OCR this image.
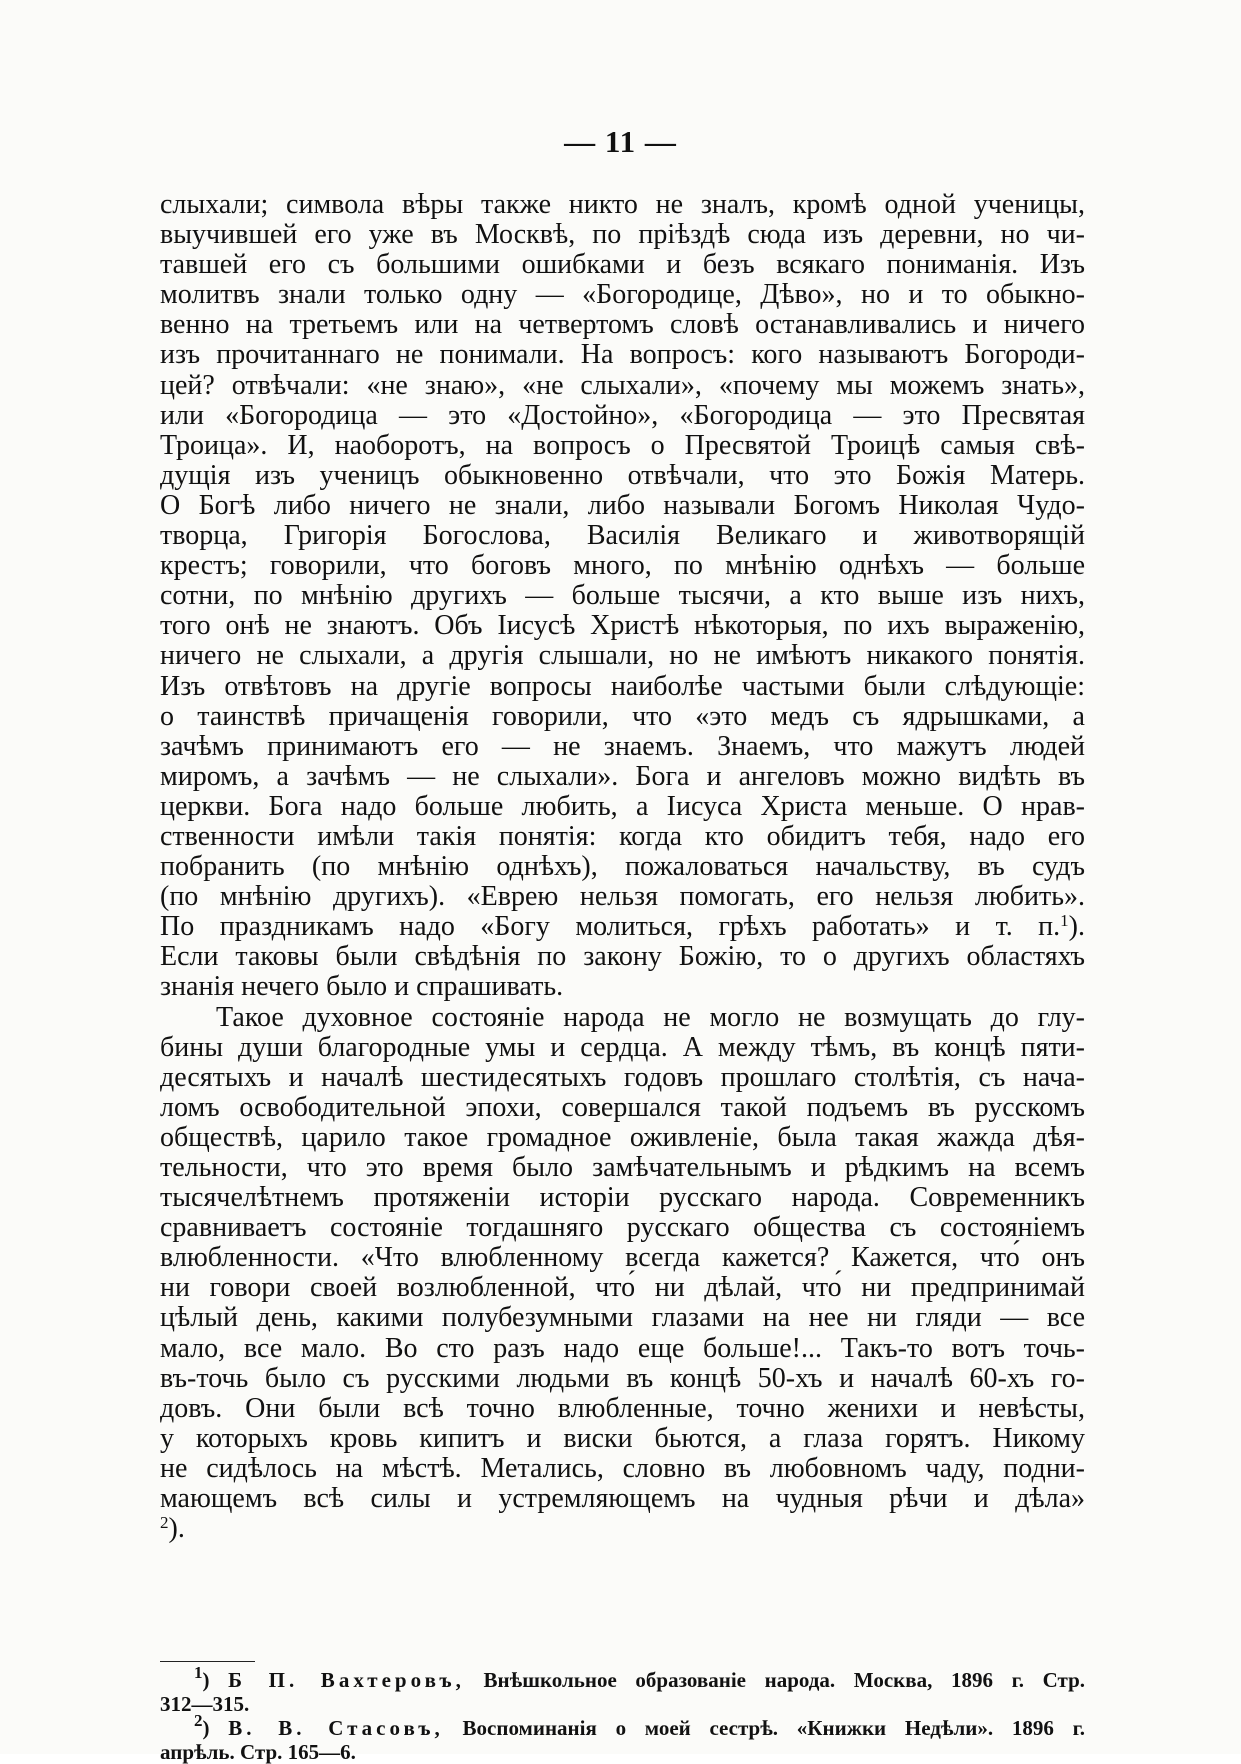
— 11 —
слыхали; символа вѣры также никто не зналъ, кромѣ одной ученицы,
выучившей его уже въ Москвѣ, по пріѣздѣ сюда изъ деревни, но чи-
тавшей его съ большими ошибками и безъ всякаго пониманія. Изъ
молитвъ знали только одну — «Богородице, Дѣво», но и то обыкно-
венно на третьемъ или на четвертомъ словѣ останавливались и ничего
изъ прочитаннаго не понимали. На вопросъ: кого называютъ Богороди-
цей? отвѣчали: «не знаю», «не слыхали», «почему мы можемъ знать»,
или «Богородица — это «Достойно», «Богородица — это Пресвятая
Троица». И, наоборотъ, на вопросъ о Пресвятой Троицѣ самыя свѣ-
дущія изъ ученицъ обыкновенно отвѣчали, что это Божія Матерь.
О Богѣ либо ничего не знали, либо называли Богомъ Николая Чудо-
творца, Григорія Богослова, Василія Великаго и животворящій
крестъ; говорили, что боговъ много, по мнѣнію однѣхъ — больше
сотни, по мнѣнію другихъ — больше тысячи, а кто выше изъ нихъ,
того онѣ не знаютъ. Объ Іисусѣ Христѣ нѣкоторыя, по ихъ выраженію,
ничего не слыхали, а другія слышали, но не имѣютъ никакого понятія.
Изъ отвѣтовъ на другіе вопросы наиболѣе частыми были слѣдующіе:
о таинствѣ причащенія говорили, что «это медъ съ ядрышками, а
зачѣмъ принимаютъ его — не знаемъ. Знаемъ, что мажутъ людей
миромъ, а зачѣмъ — не слыхали». Бога и ангеловъ можно видѣть въ
церкви. Бога надо больше любить, а Іисуса Христа меньше. О нрав-
ственности имѣли такія понятія: когда кто обидитъ тебя, надо его
побранить (по мнѣнію однѣхъ), пожаловаться начальству, въ судъ
(по мнѣнію другихъ). «Еврею нельзя помогать, его нельзя любить».
По праздникамъ надо «Богу молиться, грѣхъ работать» и т. п.$^1$).
Если таковы были свѣдѣнія по закону Божію, то о другихъ областяхъ
знанія нечего было и спрашивать.
Такое духовное состояніе народа не могло не возмущать до глу-
бины души благородные умы и сердца. А между тѣмъ, въ концѣ пяти-
десятыхъ и началѣ шестидесятыхъ годовъ прошлаго столѣтія, съ нача-
ломъ освободительной эпохи, совершался такой подъемъ въ русскомъ
обществѣ, царило такое громадное оживленіе, была такая жажда дѣя-
тельности, что это время было замѣчательнымъ и рѣдкимъ на всемъ
тысячелѣтнемъ протяженіи исторіи русскаго народа. Современникъ
сравниваетъ состояніе тогдашняго русскаго общества съ состояніемъ
влюбленности. «Что влюбленному всегда кажется? Кажется, что́ онъ
ни говори своей возлюбленной, что́ ни дѣлай, что́ ни предпринимай
цѣлый день, какими полубезумными глазами на нее ни гляди — все
мало, все мало. Во сто разъ надо еще больше!... Такъ-то вотъ точь-
въ-точь было съ русскими людьми въ концѣ 50-хъ и началѣ 60-хъ го-
довъ. Они были всѣ точно влюбленные, точно женихи и невѣсты,
у которыхъ кровь кипитъ и виски бьются, а глаза горятъ. Никому
не сидѣлось на мѣстѣ. Метались, словно въ любовномъ чаду, подни-
мающемъ всѣ силы и устремляющемъ на чудныя рѣчи и дѣла»
$^2$).
$^1$) Б П. Вахтеровъ, Внѣшкольное образованіе народа. Москва, 1896 г. Стр.
312—315.
$^2$) В. В. Стасовъ, Воспоминанія о моей сестрѣ. «Книжки Недѣли». 1896 г.
апрѣль. Стр. 165—6.
